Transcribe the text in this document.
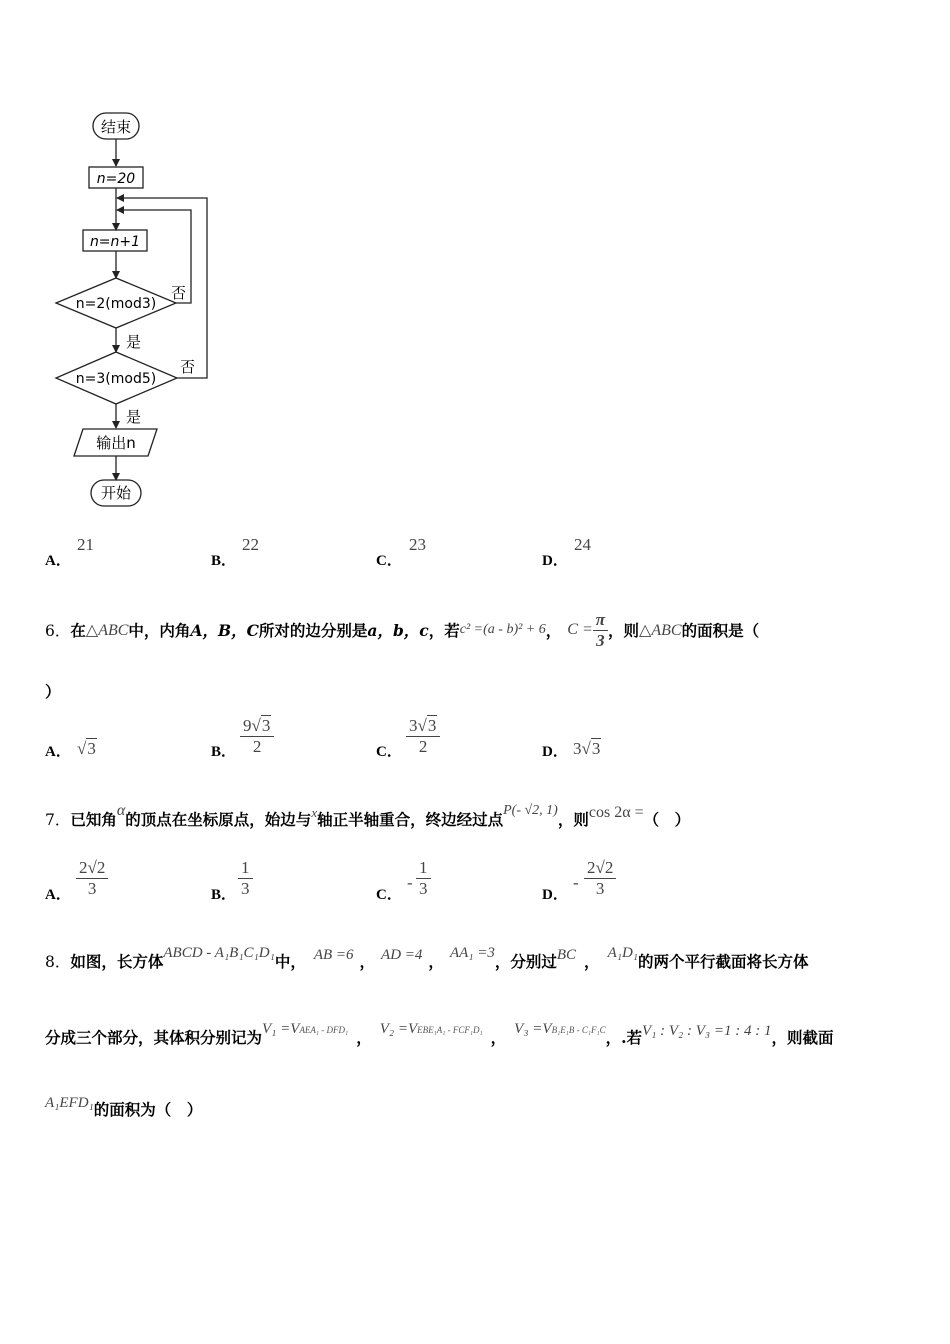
结束
n=20
n=n+1
n=2(mod3)
否
是
n=3(mod5)
否
是
输出n
开始
A．
21
B．
22
C．
23
D．
24
6． 在 △ABC 中，内角 A，B，C 所对的边分别是 a，b，c ，若 c² =(a - b)² + 6 ， $C = \frac{\pi}{3}$ ，则 △ABC 的面积是（
）
A． √3	B．
9√3
2	C．
3√3
2	D． 3√3
7． 已知角 α 的顶点在坐标原点，始边与 x 轴正半轴重合，终边经过点 P(- √2, 1) ，则 cos 2α = （　）
A．
2√2
3	B．
1
3	C．
-
1
3	D．
-
2√2
3
8． 如图，长方体 ABCD - A₁B₁C₁D₁ 中， AB =6 ， AD =4 ， AA₁ =3 ，分别过 BC ， A₁D₁ 的两个平行截面将长方体
分成三个部分，其体积分别记为 V₁ =VAEA₁ - DFD₁ ， V₂ =VEBE₁A₁ - FCF₁D₁ ， V₃ =VB₁E₁B - C₁F₁C ，.若 V₁ : V₂ : V₃ =1 : 4 : 1 ，则截面
A₁EFD₁ 的面积为（　）
